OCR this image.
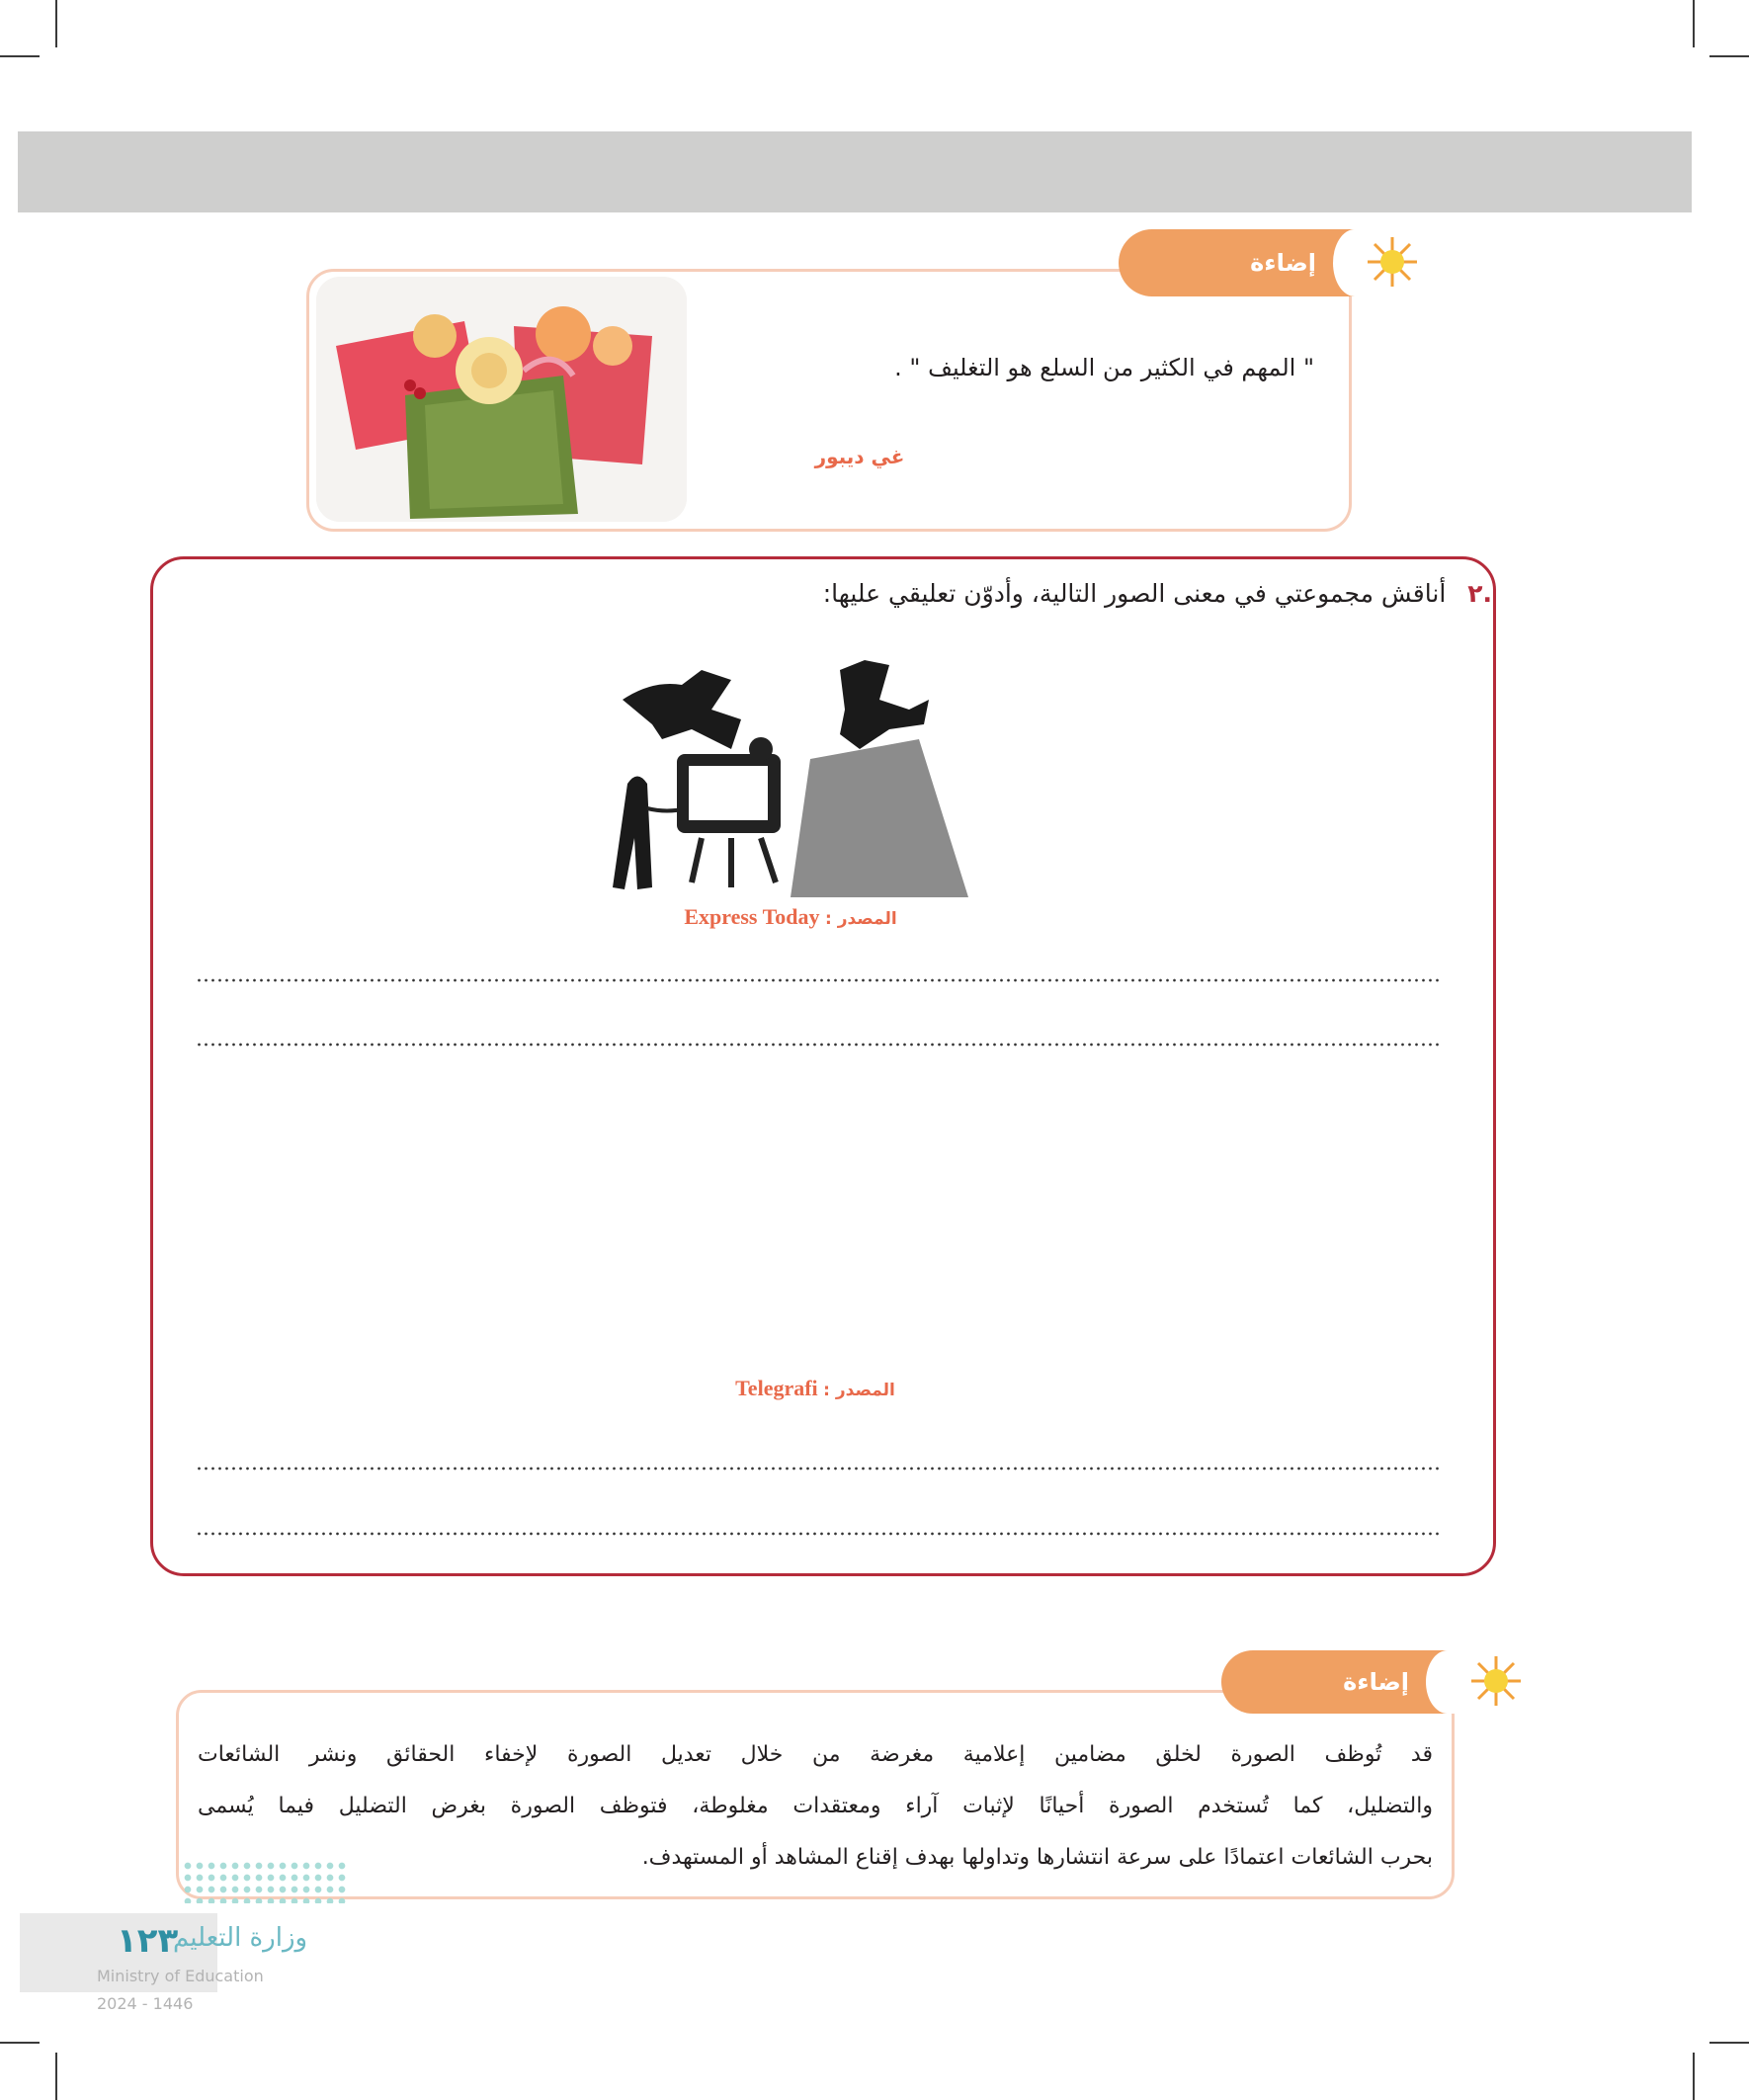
إضاءة
" المهم في الكثير من السلع هو التغليف " .
غي ديبور
.٢ أناقش مجموعتي في معنى الصور التالية، وأدوّن تعليقي عليها:
المصدر : Express Today
المصدر : Telegrafi
إضاءة
قد تُوظف الصورة لخلق مضامين إعلامية مغرضة من خلال تعديل الصورة لإخفاء الحقائق ونشر الشائعات
والتضليل، كما تُستخدم الصورة أحيانًا لإثبات آراء ومعتقدات مغلوطة، فتوظف الصورة بغرض التضليل فيما يُسمى
بحرب الشائعات اعتمادًا على سرعة انتشارها وتداولها بهدف إقناع المشاهد أو المستهدف.
١٢٣
وزارة التعليم
Ministry of Education
2024 - 1446
